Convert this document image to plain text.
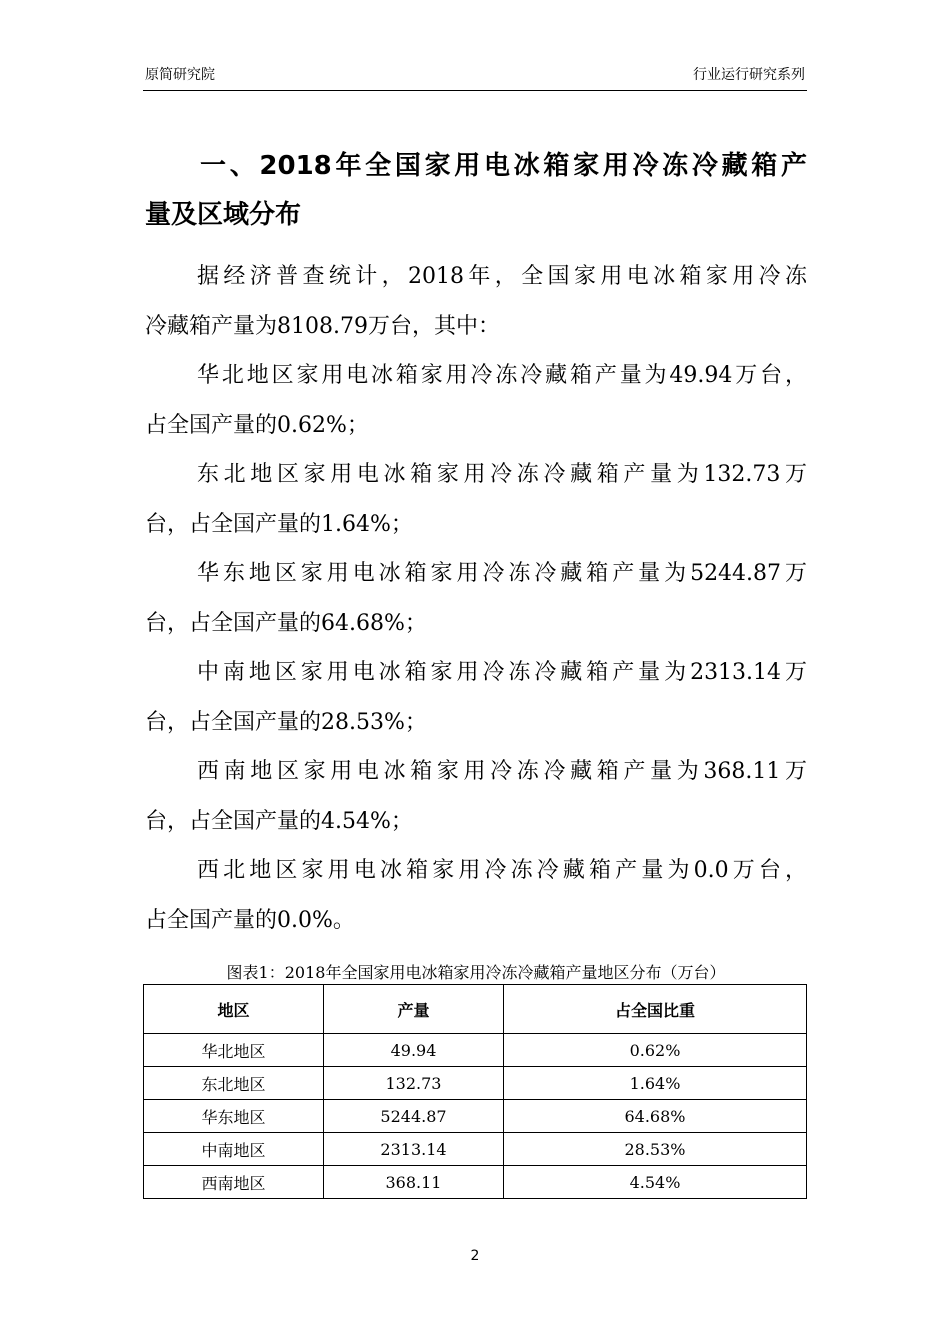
原简研究院	行业运行研究系列
一、2018年全国家用电冰箱家用冷冻冷藏箱产
量及区域分布
据经济普查统计，2018年，全国家用电冰箱家用冷冻
冷藏箱产量为8108.79万台，其中：
华北地区家用电冰箱家用冷冻冷藏箱产量为49.94万台，
占全国产量的0.62%；
东北地区家用电冰箱家用冷冻冷藏箱产量为132.73万
台，占全国产量的1.64%；
华东地区家用电冰箱家用冷冻冷藏箱产量为5244.87万
台，占全国产量的64.68%；
中南地区家用电冰箱家用冷冻冷藏箱产量为2313.14万
台，占全国产量的28.53%；
西南地区家用电冰箱家用冷冻冷藏箱产量为368.11万
台，占全国产量的4.54%；
西北地区家用电冰箱家用冷冻冷藏箱产量为0.0万台，
占全国产量的0.0%。
图表1：2018年全国家用电冰箱家用冷冻冷藏箱产量地区分布（万台）
地区	产量	占全国比重
华北地区	49.94	0.62%
东北地区	132.73	1.64%
华东地区	5244.87	64.68%
中南地区	2313.14	28.53%
西南地区	368.11	4.54%
2
